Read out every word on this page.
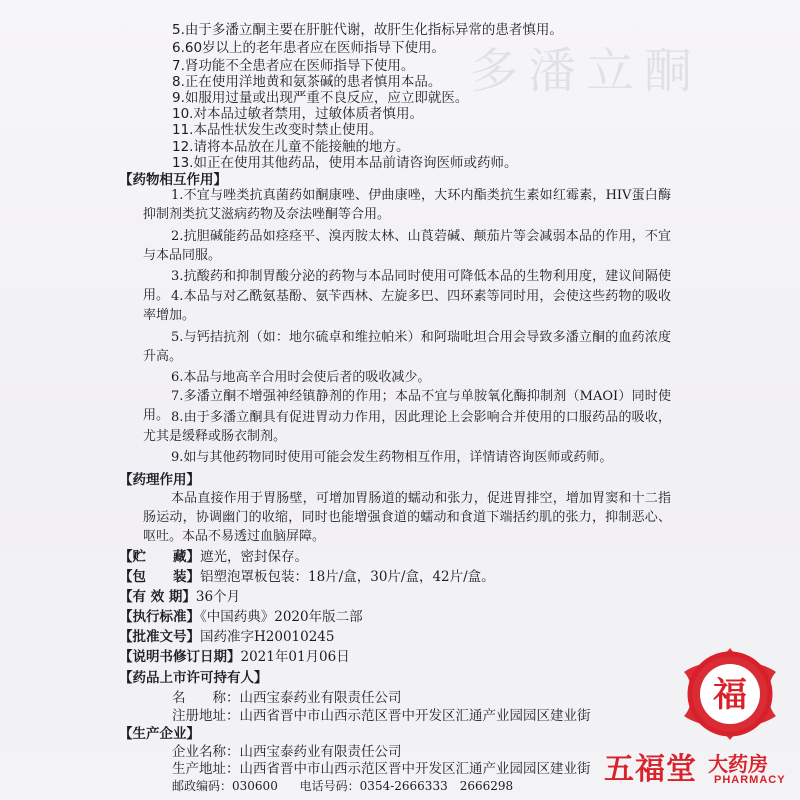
多潘立酮
5.由于多潘立酮主要在肝脏代谢，故肝生化指标异常的患者慎用。
6.60岁以上的老年患者应在医师指导下使用。
7.肾功能不全患者应在医师指导下使用。
8.正在使用洋地黄和氨茶碱的患者慎用本品。
9.如服用过量或出现严重不良反应，应立即就医。
10.对本品过敏者禁用，过敏体质者慎用。
11.本品性状发生改变时禁止使用。
12.请将本品放在儿童不能接触的地方。
13.如正在使用其他药品，使用本品前请咨询医师或药师。
【药物相互作用】
1.不宜与唑类抗真菌药如酮康唑、伊曲康唑，大环内酯类抗生素如红霉素，HIV蛋白酶抑制剂类抗艾滋病药物及奈法唑酮等合用。
2.抗胆碱能药品如痉痉平、溴丙胺太林、山莨菪碱、颠茄片等会减弱本品的作用，不宜与本品同服。
3.抗酸药和抑制胃酸分泌的药物与本品同时使用可降低本品的生物利用度，建议间隔使用。 4.本品与对乙酰氨基酚、氨苄西林、左旋多巴、四环素等同时用，会使这些药物的吸收率增加。
5.与钙拮抗剂（如：地尔硫卓和维拉帕米）和阿瑞吡坦合用会导致多潘立酮的血药浓度升高。
6.本品与地高辛合用时会使后者的吸收减少。
7.多潘立酮不增强神经镇静剂的作用；本品不宜与单胺氧化酶抑制剂（MAOI）同时使用。 8.由于多潘立酮具有促进胃动力作用，因此理论上会影响合并使用的口服药品的吸收，尤其是缓释或肠衣制剂。
9.如与其他药物同时使用可能会发生药物相互作用，详情请咨询医师或药师。
【药理作用】
本品直接作用于胃肠壁，可增加胃肠道的蠕动和张力，促进胃排空，增加胃窦和十二指肠运动，协调幽门的收缩，同时也能增强食道的蠕动和食道下端括约肌的张力，抑制恶心、呕吐。本品不易透过血脑屏障。
【贮　　藏】遮光，密封保存。
【包　　装】铝塑泡罩板包装：18片/盒，30片/盒，42片/盒。
【有 效 期】36个月
【执行标准】《中国药典》2020年版二部
【批准文号】国药准字H20010245
【说明书修订日期】2021年01月06日
【药品上市许可持有人】
名　　称：山西宝泰药业有限责任公司
注册地址：山西省晋中市山西示范区晋中开发区汇通产业园园区建业街
【生产企业】
企业名称：山西宝泰药业有限责任公司
生产地址：山西省晋中市山西示范区晋中开发区汇通产业园园区建业街
邮政编码：030600 电话号码：0354-2666333　2666298
福
五福堂 大药房
PHARMACY
